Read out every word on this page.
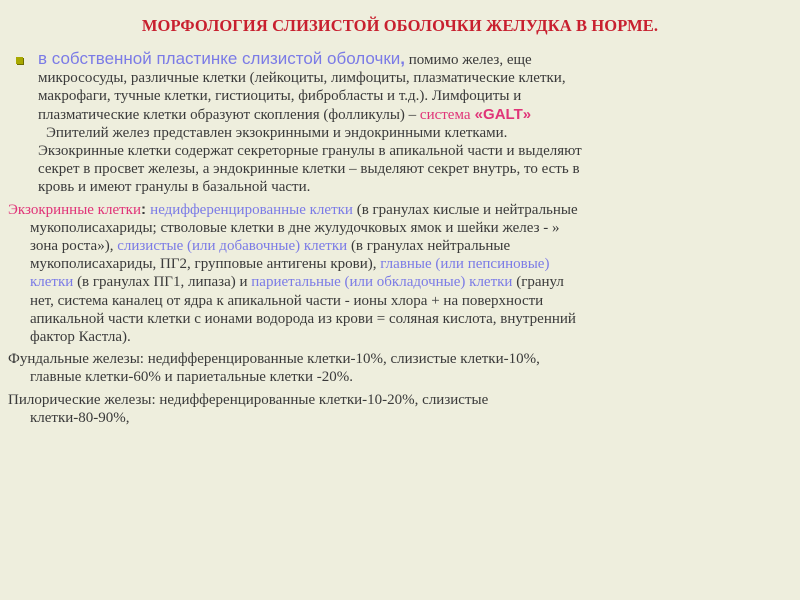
МОРФОЛОГИЯ СЛИЗИСТОЙ ОБОЛОЧКИ ЖЕЛУДКА В НОРМЕ.
в собственной пластинке слизистой оболочки, помимо желез, еще
микрососуды, различные клетки (лейкоциты, лимфоциты, плазматические клетки,
макрофаги, тучные клетки, гистиоциты, фибробласты и т.д.). Лимфоциты и
плазматические клетки образуют скопления (фолликулы) – система «GALT»
Эпителий желез представлен экзокринными и эндокринными клетками.
Экзокринные клетки содержат секреторные гранулы в апикальной части и выделяют
секрет в просвет железы, а эндокринные клетки – выделяют секрет внутрь, то есть в
кровь и имеют гранулы в базальной части.
Экзокринные клетки: недифференцированные клетки (в гранулах кислые и нейтральные
мукополисахариды; стволовые клетки в дне жулудочковых ямок и шейки желез - »
зона роста»), слизистые (или добавочные) клетки (в гранулах нейтральные
мукополисахариды, ПГ2, групповые антигены крови), главные (или пепсиновые)
клетки (в гранулах ПГ1, липаза) и париетальные (или обкладочные) клетки (гранул
нет, система каналец от ядра к апикальной части - ионы хлора + на поверхности
апикальной части клетки с ионами водорода из крови = соляная кислота, внутренний
фактор Кастла).
Фундальные железы: недифференцированные клетки-10%, слизистые клетки-10%,
главные клетки-60% и париетальные клетки -20%.
Пилорические железы: недифференцированные клетки-10-20%, слизистые
клетки-80-90%,
